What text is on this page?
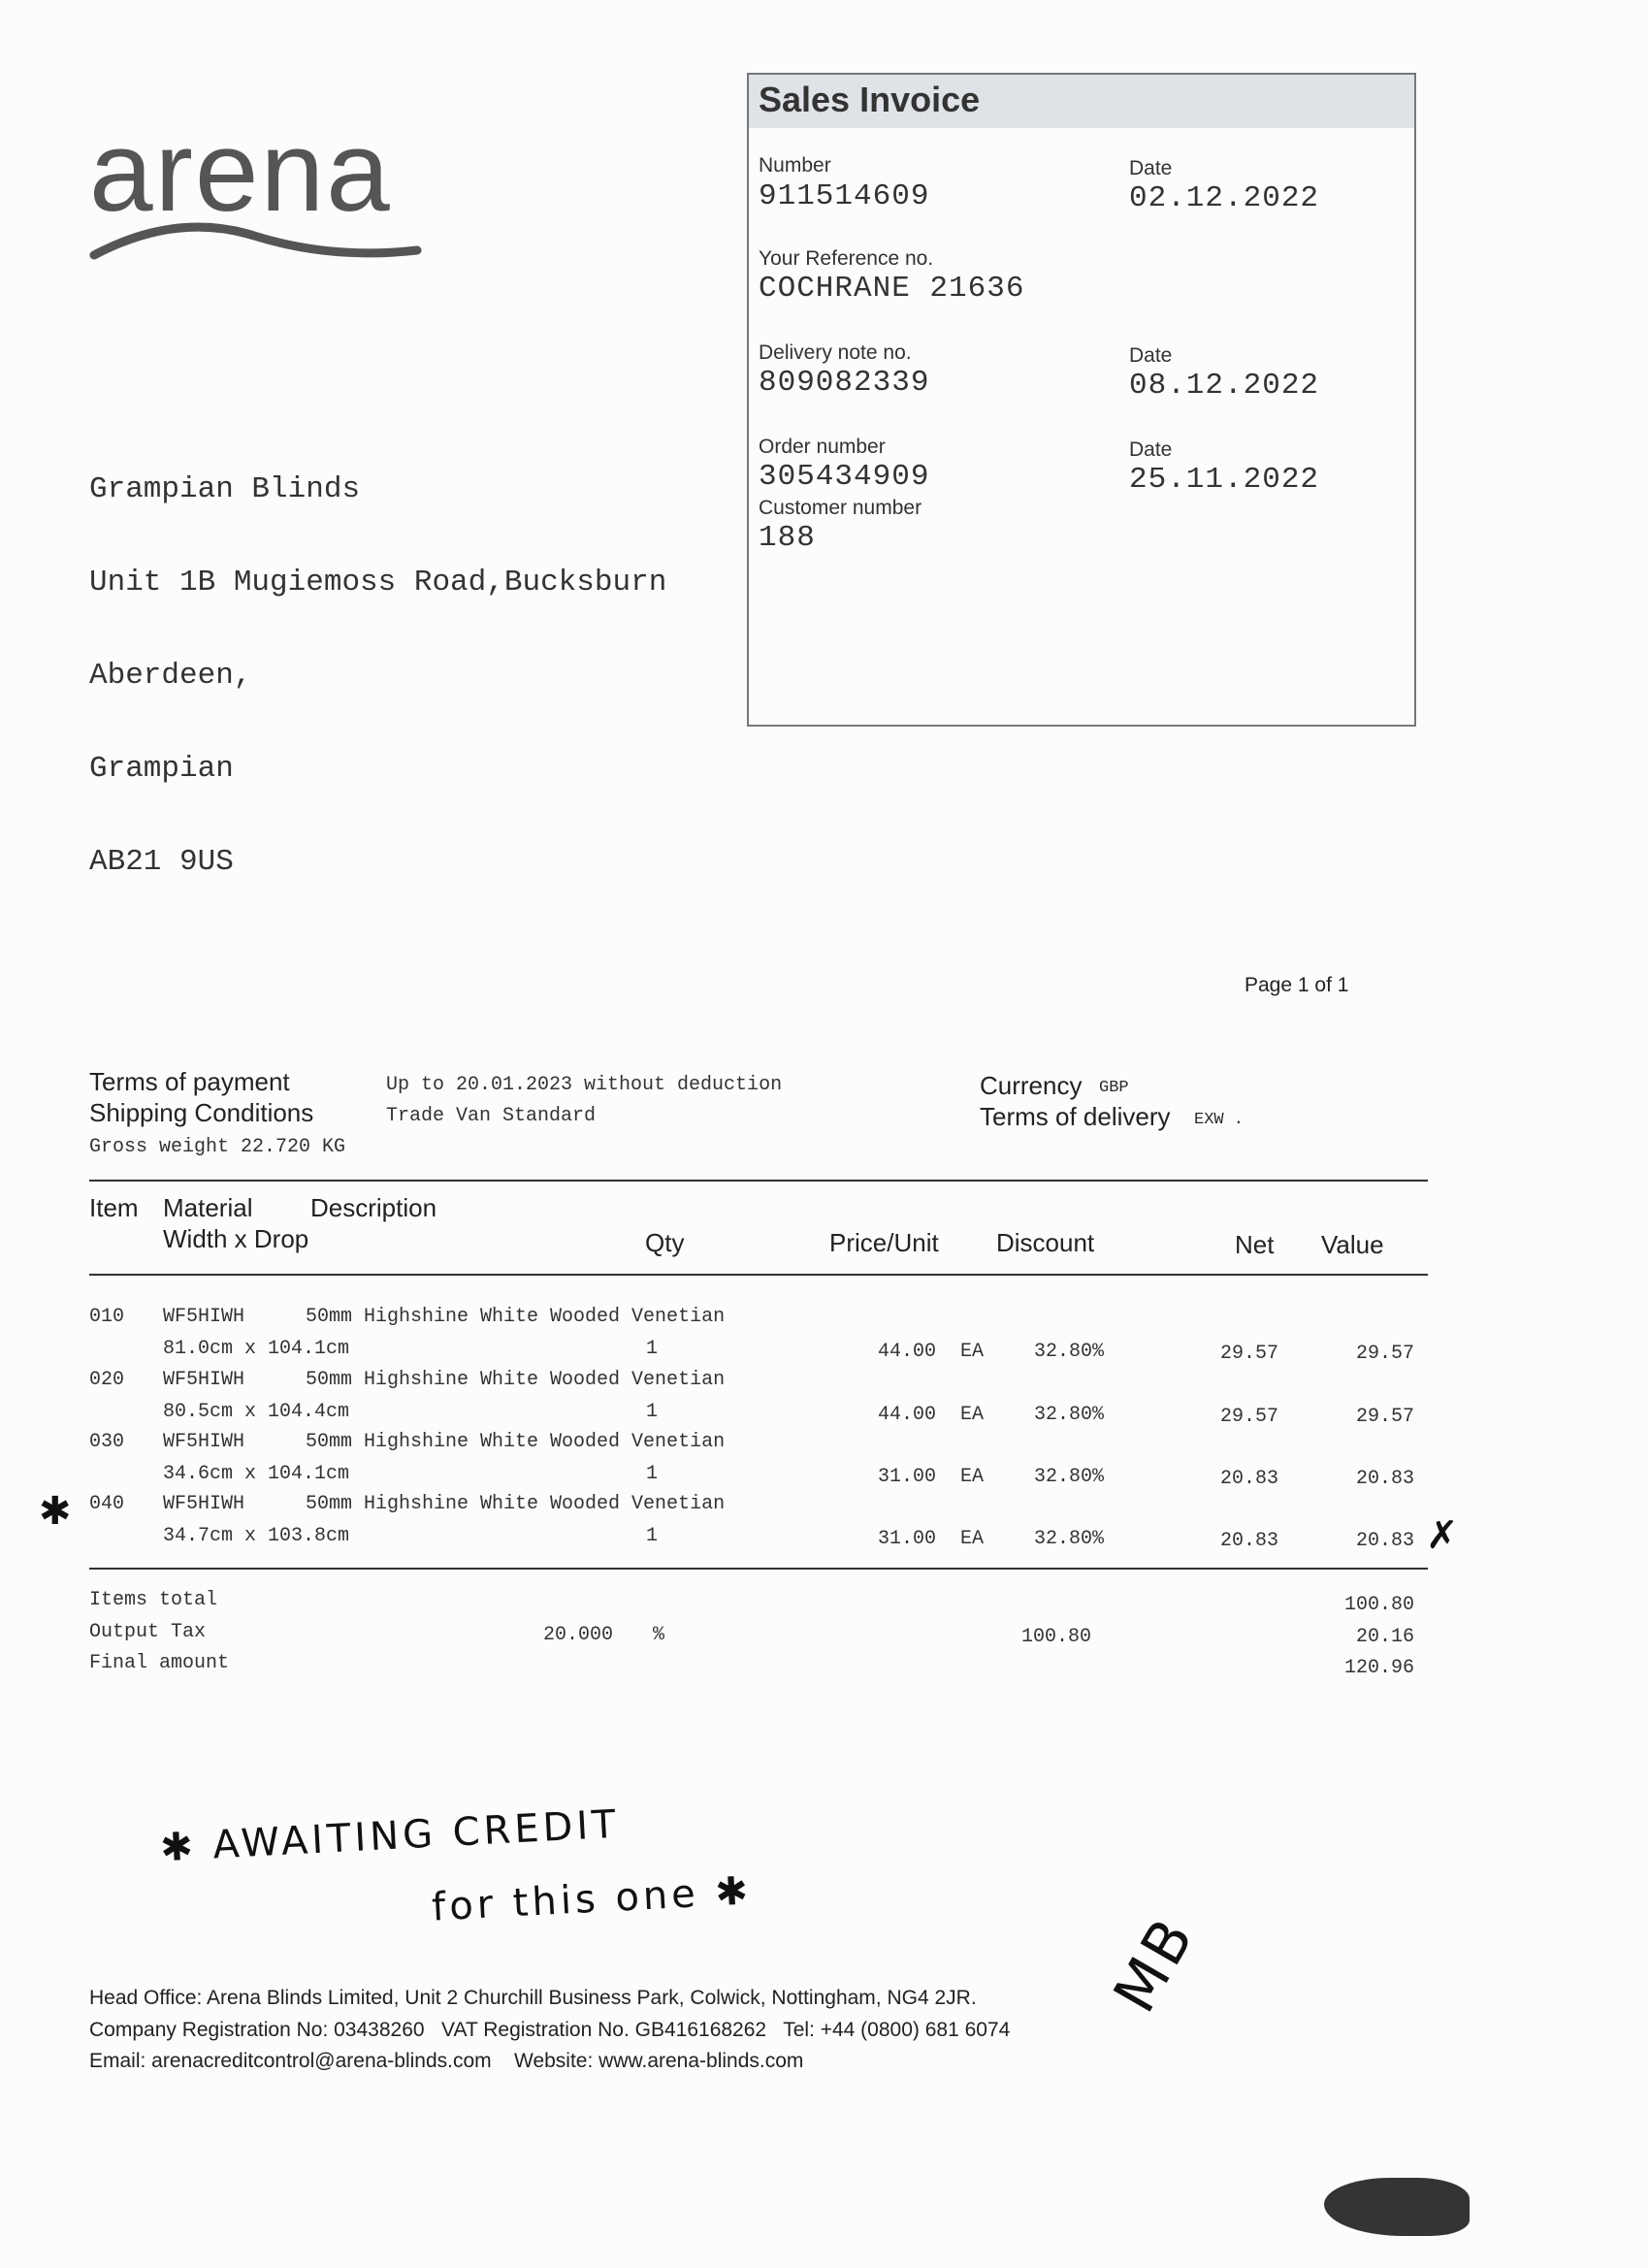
arena

Sales Invoice

Number

911514609

Date

02.12.2022

Your Reference no.

COCHRANE 21636

Delivery note no.

809082339

Date

08.12.2022

Order number

305434909

Date

25.11.2022

Customer number

188

Grampian Blinds

Unit 1B Mugiemoss Road,Bucksburn

Aberdeen,

Grampian

AB21 9US

Page 1 of 1
Terms of payment	Up to 20.01.2023 without deduction
Shipping Conditions	Trade Van Standard
Gross weight 22.720 KG
Currency GBP
Terms of delivery EXW .
Item Material Description
Width x Drop	Qty	Price/Unit Discount	Net Value
010 WF5HIWH	50mm Highshine White Wooded Venetian
81.0cm x 104.1cm	1	44.00 EA	32.80%	29.57	29.57
020 WF5HIWH	50mm Highshine White Wooded Venetian
80.5cm x 104.4cm	1	44.00 EA	32.80%	29.57	29.57
030 WF5HIWH	50mm Highshine White Wooded Venetian
34.6cm x 104.1cm	1	31.00 EA	32.80%	20.83	20.83
040 WF5HIWH	50mm Highshine White Wooded Venetian
34.7cm x 103.8cm	1	31.00 EA	32.80%	20.83	20.83
Items total	100.80
Output Tax	20.000 %	100.80	20.16
Final amount	120.96
✱
✗
✱ AWAITING CREDIT
for this one ✱
MB
Head Office: Arena Blinds Limited, Unit 2 Churchill Business Park, Colwick, Nottingham, NG4 2JR.
Company Registration No: 03438260   VAT Registration No. GB416168262   Tel: +44 (0800) 681 6074
Email: arenacreditcontrol@arena-blinds.com    Website: www.arena-blinds.com
